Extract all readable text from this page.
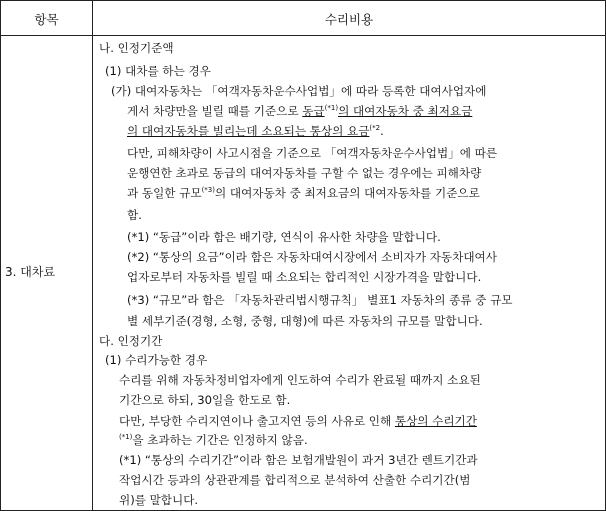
항목	수리비용
3. 대차료
나. 인정기준액
(1) 대차를 하는 경우
(가) 대여자동차는 「여객자동차운수사업법」에 따라 등록한 대여사업자에
게서 차량만을 빌릴 때를 기준으로 동급$^{(*1)}$의 대여자동차 중 최저요금
의 대여자동차를 빌리는데 소요되는 통상의 요금$^{(*2}$.
다만, 피해차량이 사고시점을 기준으로 「여객자동차운수사업법」에 따른
운행연한 초과로 동급의 대여자동차를 구할 수 없는 경우에는 피해차량
과 동일한 규모$^{(*3)}$의 대여자동차 중 최저요금의 대여자동차를 기준으로
함.
(*1) “동급”이라 함은 배기량, 연식이 유사한 차량을 말합니다.
(*2) “통상의 요금”이라 함은 자동차대여시장에서 소비자가 자동차대여사
업자로부터 자동차를 빌릴 때 소요되는 합리적인 시장가격을 말합니다.
(*3) “규모”라 함은 「자동차관리법시행규칙」 별표1 자동차의 종류 중 규모
별 세부기준(경형, 소형, 중형, 대형)에 따른 자동차의 규모를 말합니다.
다. 인정기간
(1) 수리가능한 경우
수리를 위해 자동차정비업자에게 인도하여 수리가 완료될 때까지 소요된
기간으로 하되, 30일을 한도로 함.
다만, 부당한 수리지연이나 출고지연 등의 사유로 인해 통상의 수리기간
$^{(*1)}$을 초과하는 기간은 인정하지 않음.
(*1) “통상의 수리기간”이라 함은 보험개발원이 과거 3년간 렌트기간과
작업시간 등과의 상관관계를 합리적으로 분석하여 산출한 수리기간(범
위)를 말합니다.
